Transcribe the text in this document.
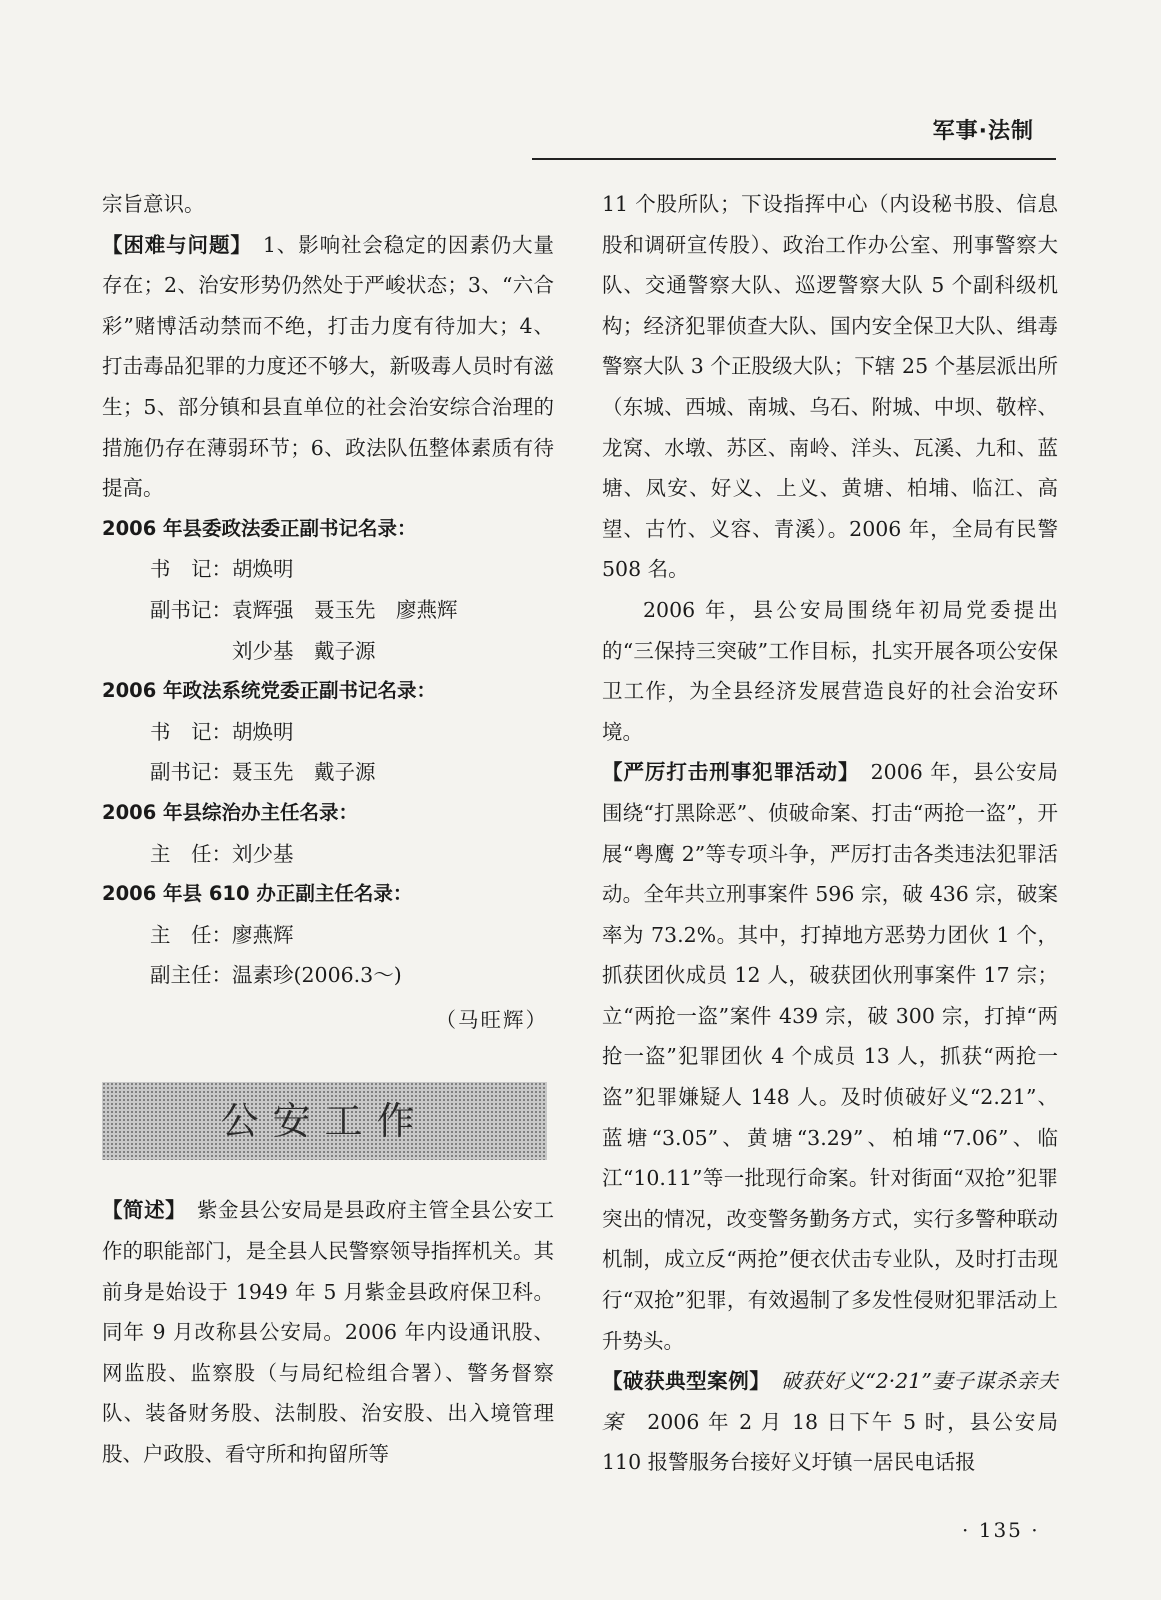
军事·法制

宗旨意识。

【困难与问题】　 1、影响社会稳定的因素仍大量存在；2、治安形势仍然处于严峻状态；3、“六合彩”赌博活动禁而不绝，打击力度有待加大；4、打击毒品犯罪的力度还不够大，新吸毒人员时有滋生；5、部分镇和县直单位的社会治安综合治理的措施仍存在薄弱环节；6、政法队伍整体素质有待提高。

2006 年县委政法委正副书记名录：

书　记：胡焕明

副书记：袁辉强　聂玉先　廖燕辉

刘少基　戴子源

2006 年政法系统党委正副书记名录：

书　记：胡焕明

副书记：聂玉先　戴子源

2006 年县综治办主任名录：

主　任：刘少基

2006 年县 610 办正副主任名录：

主　任：廖燕辉

副主任：温素珍(2006.3～)

（马旺辉）

公安工作

【简述】　 紫金县公安局是县政府主管全县公安工作的职能部门，是全县人民警察领导指挥机关。其前身是始设于 1949 年 5 月紫金县政府保卫科。同年 9 月改称县公安局。2006 年内设通讯股、网监股、监察股（与局纪检组合署）、警务督察队、装备财务股、法制股、治安股、出入境管理股、户政股、看守所和拘留所等

11 个股所队；下设指挥中心（内设秘书股、信息股和调研宣传股）、政治工作办公室、刑事警察大队、交通警察大队、巡逻警察大队 5 个副科级机构；经济犯罪侦查大队、国内安全保卫大队、缉毒警察大队 3 个正股级大队；下辖 25 个基层派出所（东城、西城、南城、乌石、附城、中坝、敬梓、龙窝、水墩、苏区、南岭、洋头、瓦溪、九和、蓝塘、凤安、好义、上义、黄塘、柏埔、临江、高望、古竹、义容、青溪）。2006 年，全局有民警 508 名。

2006 年，县公安局围绕年初局党委提出的“三保持三突破”工作目标，扎实开展各项公安保卫工作，为全县经济发展营造良好的社会治安环境。

【严厉打击刑事犯罪活动】　 2006 年，县公安局围绕“打黑除恶”、侦破命案、打击“两抢一盗”，开展“粤鹰 2”等专项斗争，严厉打击各类违法犯罪活动。全年共立刑事案件 596 宗，破 436 宗，破案率为 73.2%。其中，打掉地方恶势力团伙 1 个，抓获团伙成员 12 人，破获团伙刑事案件 17 宗；立“两抢一盗”案件 439 宗，破 300 宗，打掉“两抢一盗”犯罪团伙 4 个成员 13 人，抓获“两抢一盗”犯罪嫌疑人 148 人。及时侦破好义“2.21”、蓝塘“3.05”、黄塘“3.29”、柏埔“7.06”、临江“10.11”等一批现行命案。针对街面“双抢”犯罪突出的情况，改变警务勤务方式，实行多警种联动机制，成立反“两抢”便衣伏击专业队，及时打击现行“双抢”犯罪，有效遏制了多发性侵财犯罪活动上升势头。

【破获典型案例】　 破获好义“2·21”妻子谋杀亲夫案　 2006 年 2 月 18 日下午 5 时，县公安局 110 报警服务台接好义圩镇一居民电话报

· 135 ·
